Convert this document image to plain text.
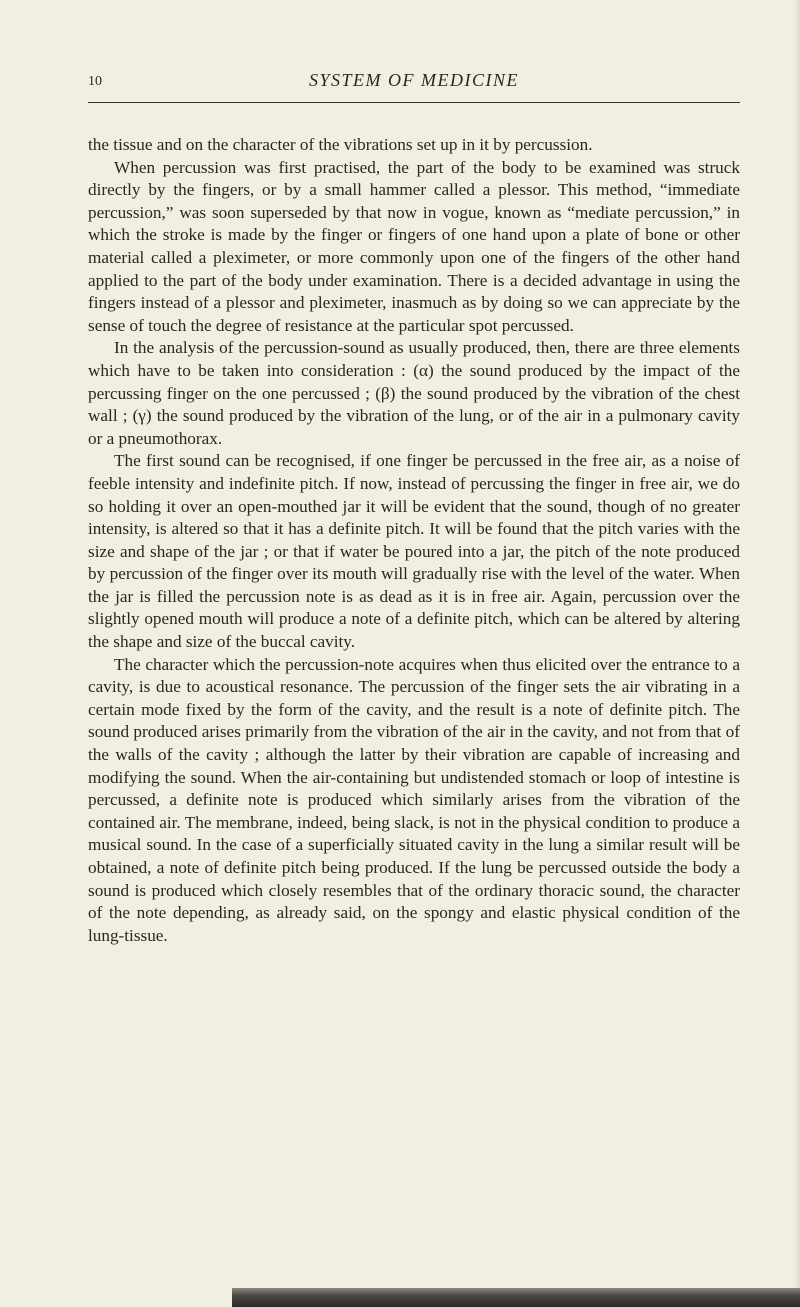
10	SYSTEM OF MEDICINE

the tissue and on the character of the vibrations set up in it by percussion.

When percussion was first practised, the part of the body to be examined was struck directly by the fingers, or by a small hammer called a plessor. This method, “immediate percussion,” was soon superseded by that now in vogue, known as “mediate percussion,” in which the stroke is made by the finger or fingers of one hand upon a plate of bone or other material called a pleximeter, or more commonly upon one of the fingers of the other hand applied to the part of the body under examination. There is a decided advantage in using the fingers instead of a plessor and pleximeter, inasmuch as by doing so we can appreciate by the sense of touch the degree of resistance at the particular spot percussed.

In the analysis of the percussion-sound as usually produced, then, there are three elements which have to be taken into consideration : (α) the sound produced by the impact of the percussing finger on the one percussed ; (β) the sound produced by the vibration of the chest wall ; (γ) the sound produced by the vibration of the lung, or of the air in a pulmonary cavity or a pneumothorax.

The first sound can be recognised, if one finger be percussed in the free air, as a noise of feeble intensity and indefinite pitch. If now, instead of percussing the finger in free air, we do so holding it over an open-mouthed jar it will be evident that the sound, though of no greater intensity, is altered so that it has a definite pitch. It will be found that the pitch varies with the size and shape of the jar ; or that if water be poured into a jar, the pitch of the note produced by percussion of the finger over its mouth will gradually rise with the level of the water. When the jar is filled the percussion note is as dead as it is in free air. Again, percussion over the slightly opened mouth will produce a note of a definite pitch, which can be altered by altering the shape and size of the buccal cavity.

The character which the percussion-note acquires when thus elicited over the entrance to a cavity, is due to acoustical resonance. The percussion of the finger sets the air vibrating in a certain mode fixed by the form of the cavity, and the result is a note of definite pitch. The sound produced arises primarily from the vibration of the air in the cavity, and not from that of the walls of the cavity ; although the latter by their vibration are capable of increasing and modifying the sound. When the air-containing but undistended stomach or loop of intestine is percussed, a definite note is produced which similarly arises from the vibration of the contained air. The membrane, indeed, being slack, is not in the physical condition to produce a musical sound. In the case of a superficially situated cavity in the lung a similar result will be obtained, a note of definite pitch being produced. If the lung be percussed outside the body a sound is produced which closely resembles that of the ordinary thoracic sound, the character of the note depending, as already said, on the spongy and elastic physical condition of the lung-tissue.
